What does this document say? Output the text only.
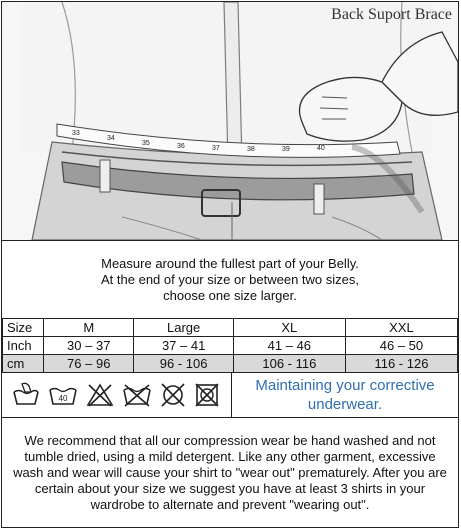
33
34
35	36	37	38	39	40
Back Suport Brace
Measure around the fullest part of your Belly.
At the end of your size or between two sizes,
choose one size larger.
Size	M	Large	XL	XXL
Inch	30 – 37	37 – 41	41 – 46	46 – 50
cm	76 – 96	96 - 106	106 - 116	116 - 126
40
Maintaining your corrective
underwear.
We recommend that all our compression wear be hand washed and not
tumble dried, using a mild detergent. Like any other garment, excessive
wash and wear will cause your shirt to "wear out" prematurely. After you are
certain about your size we suggest you have at least 3 shirts in your
wardrobe to alternate and prevent "wearing out".
